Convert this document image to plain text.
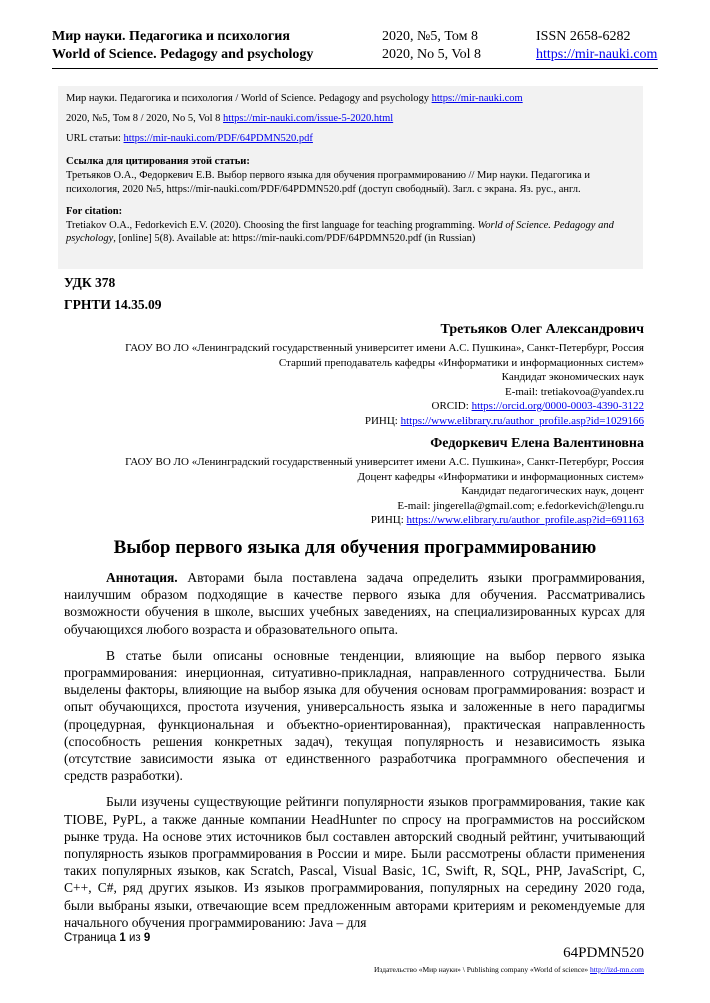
Мир науки. Педагогика и психология	2020, №5, Том 8	ISSN 2658-6282
World of Science. Pedagogy and psychology	2020, No 5, Vol 8	https://mir-nauki.com

Мир науки. Педагогика и психология / World of Science. Pedagogy and psychology https://mir-nauki.com

2020, №5, Том 8 / 2020, No 5, Vol 8 https://mir-nauki.com/issue-5-2020.html

URL статьи: https://mir-nauki.com/PDF/64PDMN520.pdf

Ссылка для цитирования этой статьи:

Третьяков О.А., Федоркевич Е.В. Выбор первого языка для обучения программированию // Мир науки. Педагогика и психология, 2020 №5, https://mir-nauki.com/PDF/64PDMN520.pdf (доступ свободный). Загл. с экрана. Яз. рус., англ.

For citation:

Tretiakov O.A., Fedorkevich E.V. (2020). Choosing the first language for teaching programming. World of Science. Pedagogy and psychology, [online] 5(8). Available at: https://mir-nauki.com/PDF/64PDMN520.pdf (in Russian)

УДК 378
ГРНТИ 14.35.09
Третьяков Олег Александрович
ГАОУ ВО ЛО «Ленинградский государственный университет имени А.С. Пушкина», Санкт-Петербург, Россия
Старший преподаватель кафедры «Информатики и информационных систем»
Кандидат экономических наук
E-mail: tretiakovoa@yandex.ru
ORCID: https://orcid.org/0000-0003-4390-3122
РИНЦ: https://www.elibrary.ru/author_profile.asp?id=1029166
Федоркевич Елена Валентиновна
ГАОУ ВО ЛО «Ленинградский государственный университет имени А.С. Пушкина», Санкт-Петербург, Россия
Доцент кафедры «Информатики и информационных систем»
Кандидат педагогических наук, доцент
E-mail: jingerella@gmail.com; e.fedorkevich@lengu.ru
РИНЦ: https://www.elibrary.ru/author_profile.asp?id=691163
Выбор первого языка для обучения программированию

Аннотация. Авторами была поставлена задача определить языки программирования, наилучшим образом подходящие в качестве первого языка для обучения. Рассматривались возможности обучения в школе, высших учебных заведениях, на специализированных курсах для обучающихся любого возраста и образовательного опыта.

В статье были описаны основные тенденции, влияющие на выбор первого языка программирования: инерционная, ситуативно-прикладная, направленного сотрудничества. Были выделены факторы, влияющие на выбор языка для обучения основам программирования: возраст и опыт обучающихся, простота изучения, универсальность языка и заложенные в него парадигмы (процедурная, функциональная и объектно-ориентированная), практическая направленность (способность решения конкретных задач), текущая популярность и независимость языка (отсутствие зависимости языка от единственного разработчика программного обеспечения и средств разработки).

Были изучены существующие рейтинги популярности языков программирования, такие как TIOBE, PyPL, а также данные компании HeadHunter по спросу на программистов на российском рынке труда. На основе этих источников был составлен авторский сводный рейтинг, учитывающий популярность языков программирования в России и мире. Были рассмотрены области применения таких популярных языков, как Scratch, Pascal, Visual Basic, 1C, Swift, R, SQL, PHP, JavaScript, C, C++, C#, ряд других языков. Из языков программирования, популярных на середину 2020 года, были выбраны языки, отвечающие всем предложенным авторами критериям и рекомендуемые для начального обучения программированию: Java – для

Страница 1 из 9
64PDMN520
Издательство «Мир науки» \ Publishing company «World of science» http://izd-mn.com
